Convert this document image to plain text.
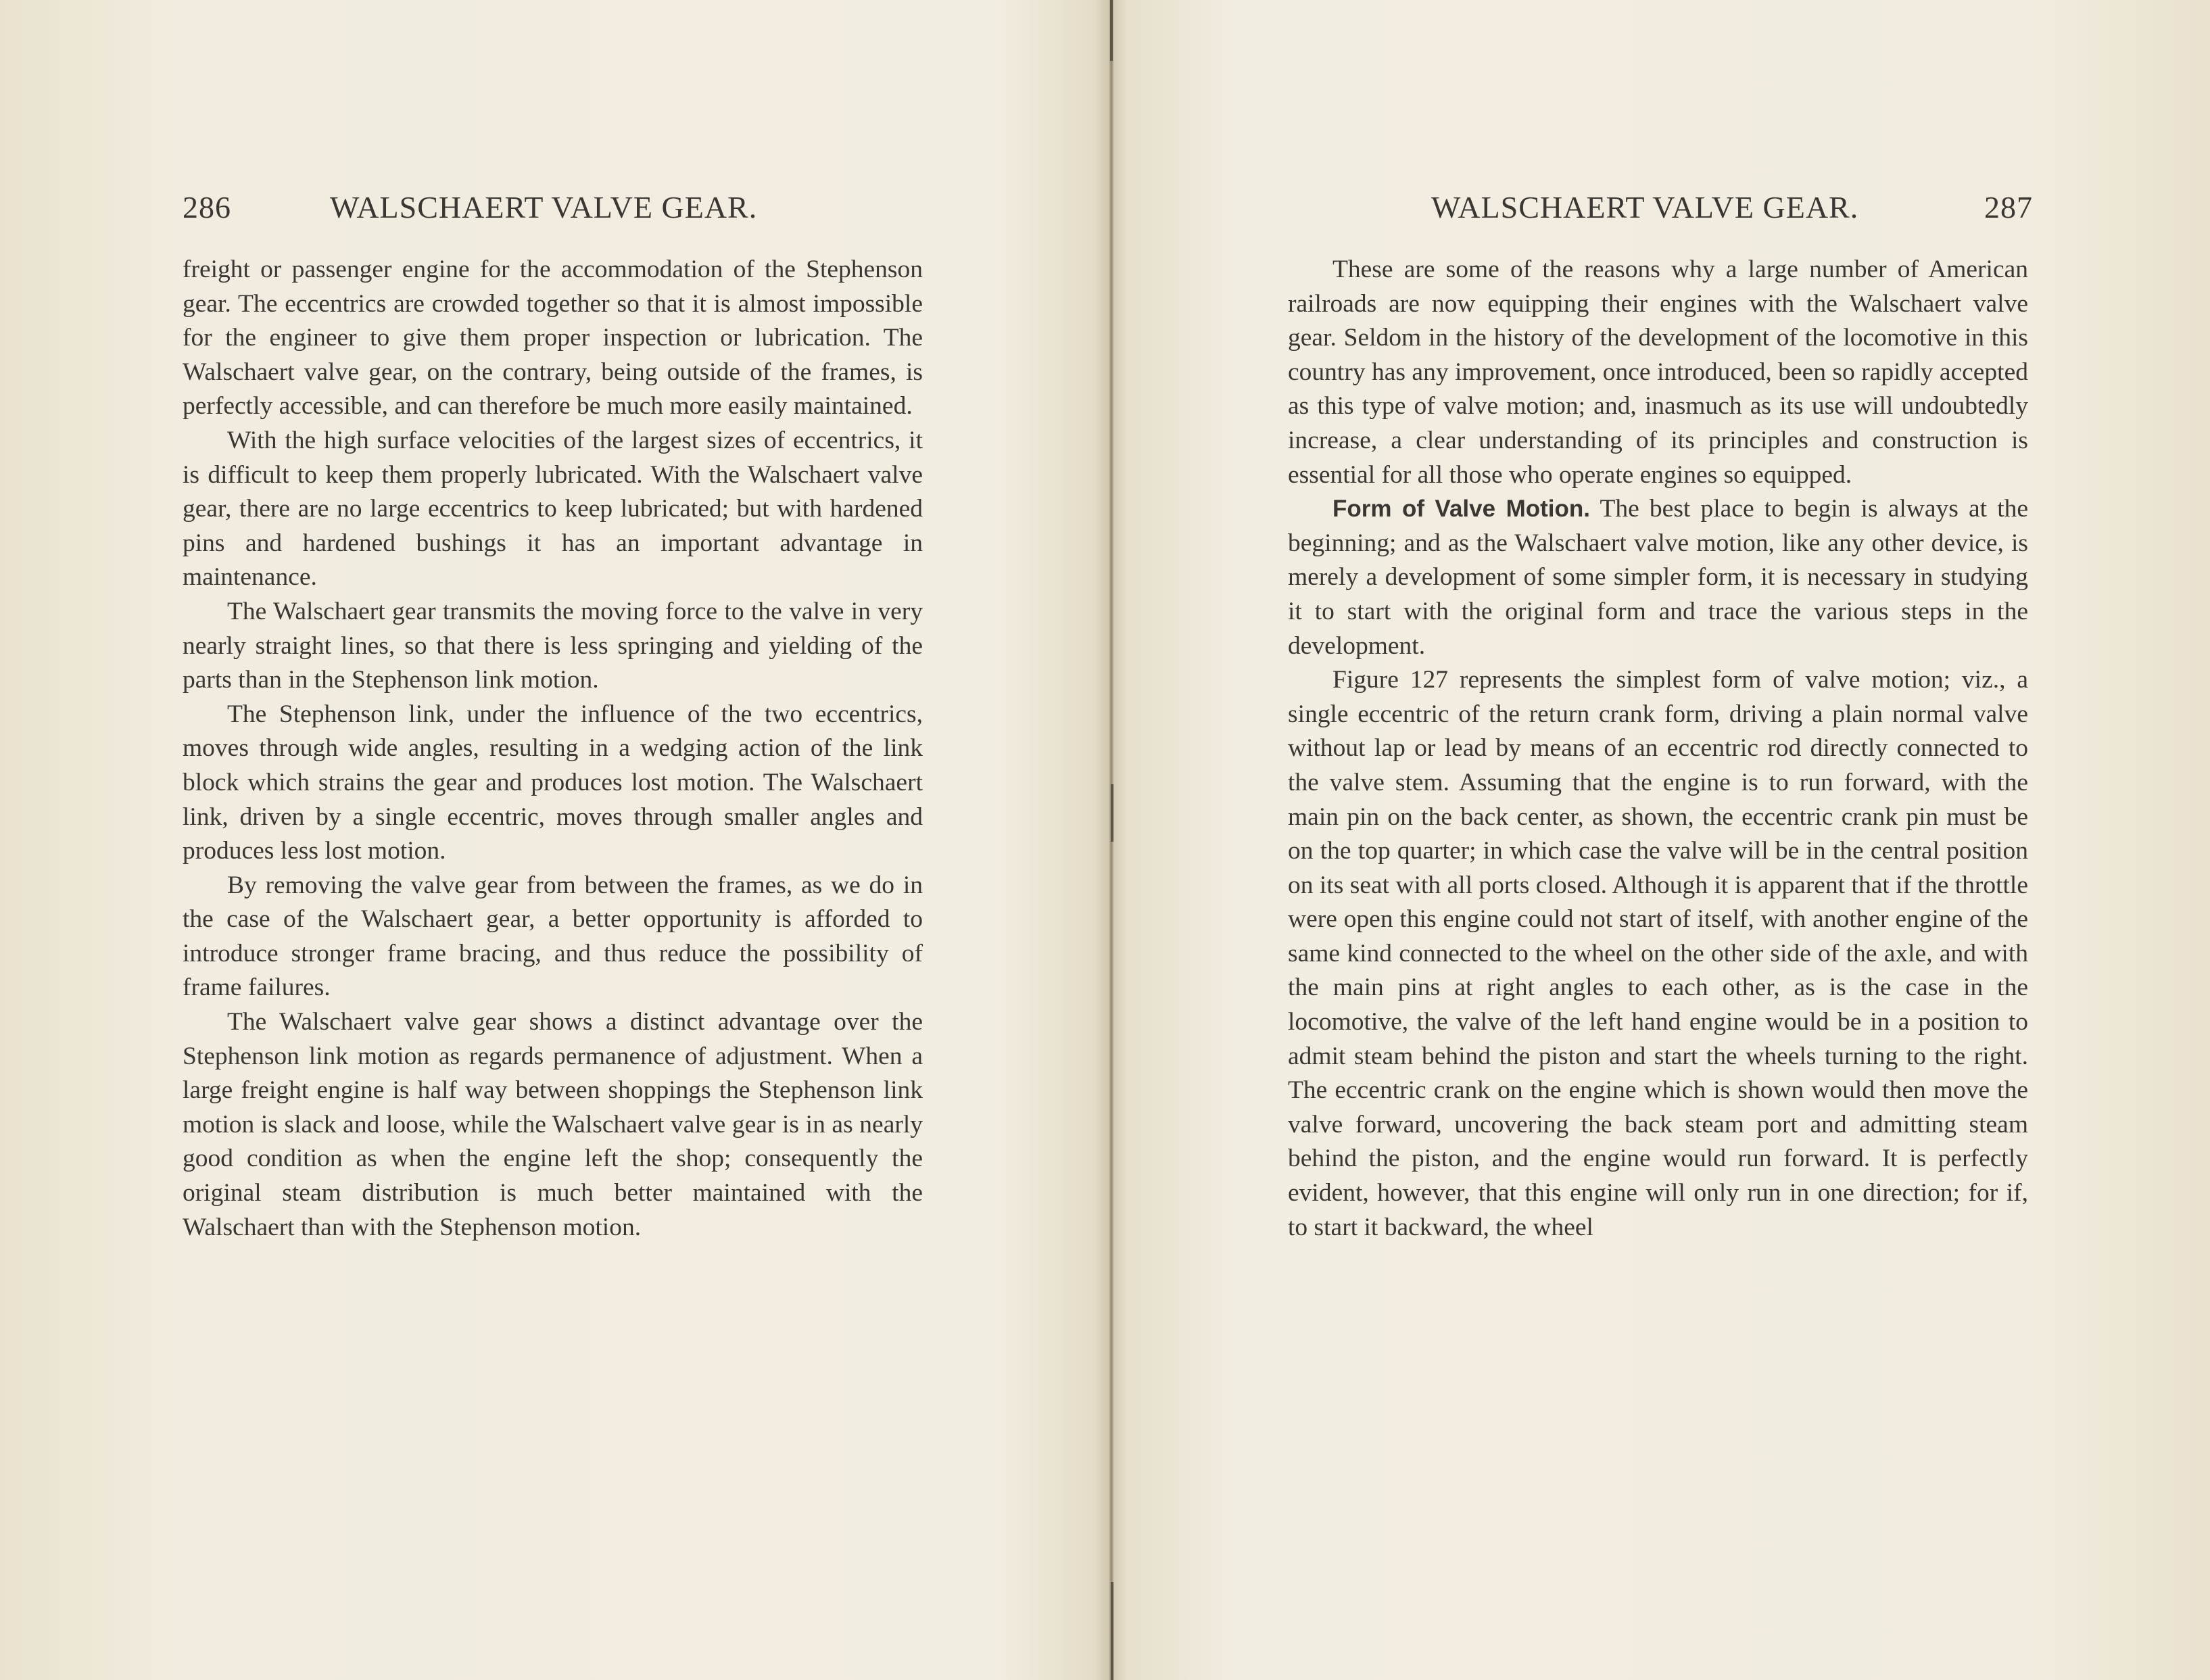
286	WALSCHAERT VALVE GEAR.

freight or passenger engine for the accommodation of the Stephenson gear. The eccentrics are crowded together so that it is almost impossible for the engineer to give them proper inspection or lubrication. The Walschaert valve gear, on the contrary, being outside of the frames, is perfectly accessible, and can therefore be much more easily maintained.

With the high surface velocities of the largest sizes of eccentrics, it is difficult to keep them properly lubricated. With the Walschaert valve gear, there are no large eccentrics to keep lubricated; but with hardened pins and hardened bushings it has an important advantage in maintenance.

The Walschaert gear transmits the moving force to the valve in very nearly straight lines, so that there is less springing and yielding of the parts than in the Stephenson link motion.

The Stephenson link, under the influence of the two eccentrics, moves through wide angles, resulting in a wedging action of the link block which strains the gear and produces lost motion. The Walschaert link, driven by a single eccentric, moves through smaller angles and produces less lost motion.

By removing the valve gear from between the frames, as we do in the case of the Walschaert gear, a better opportunity is afforded to introduce stronger frame bracing, and thus reduce the possibility of frame failures.

The Walschaert valve gear shows a distinct advantage over the Stephenson link motion as regards permanence of adjustment. When a large freight engine is half way between shoppings the Stephenson link motion is slack and loose, while the Walschaert valve gear is in as nearly good condition as when the engine left the shop; consequently the original steam distribution is much better maintained with the Walschaert than with the Stephenson motion.

WALSCHAERT VALVE GEAR.	287

These are some of the reasons why a large number of American railroads are now equipping their engines with the Walschaert valve gear. Seldom in the history of the development of the locomotive in this country has any improvement, once introduced, been so rapidly accepted as this type of valve motion; and, inasmuch as its use will undoubtedly increase, a clear understanding of its principles and construction is essential for all those who operate engines so equipped.

Form of Valve Motion. The best place to begin is always at the beginning; and as the Walschaert valve motion, like any other device, is merely a development of some simpler form, it is necessary in studying it to start with the original form and trace the various steps in the development.

Figure 127 represents the simplest form of valve motion; viz., a single eccentric of the return crank form, driving a plain normal valve without lap or lead by means of an eccentric rod directly connected to the valve stem. Assuming that the engine is to run forward, with the main pin on the back center, as shown, the eccentric crank pin must be on the top quarter; in which case the valve will be in the central position on its seat with all ports closed. Although it is apparent that if the throttle were open this engine could not start of itself, with another engine of the same kind connected to the wheel on the other side of the axle, and with the main pins at right angles to each other, as is the case in the locomotive, the valve of the left hand engine would be in a position to admit steam behind the piston and start the wheels turning to the right. The eccentric crank on the engine which is shown would then move the valve forward, uncovering the back steam port and admitting steam behind the piston, and the engine would run forward. It is perfectly evident, however, that this engine will only run in one direction; for if, to start it backward, the wheel
